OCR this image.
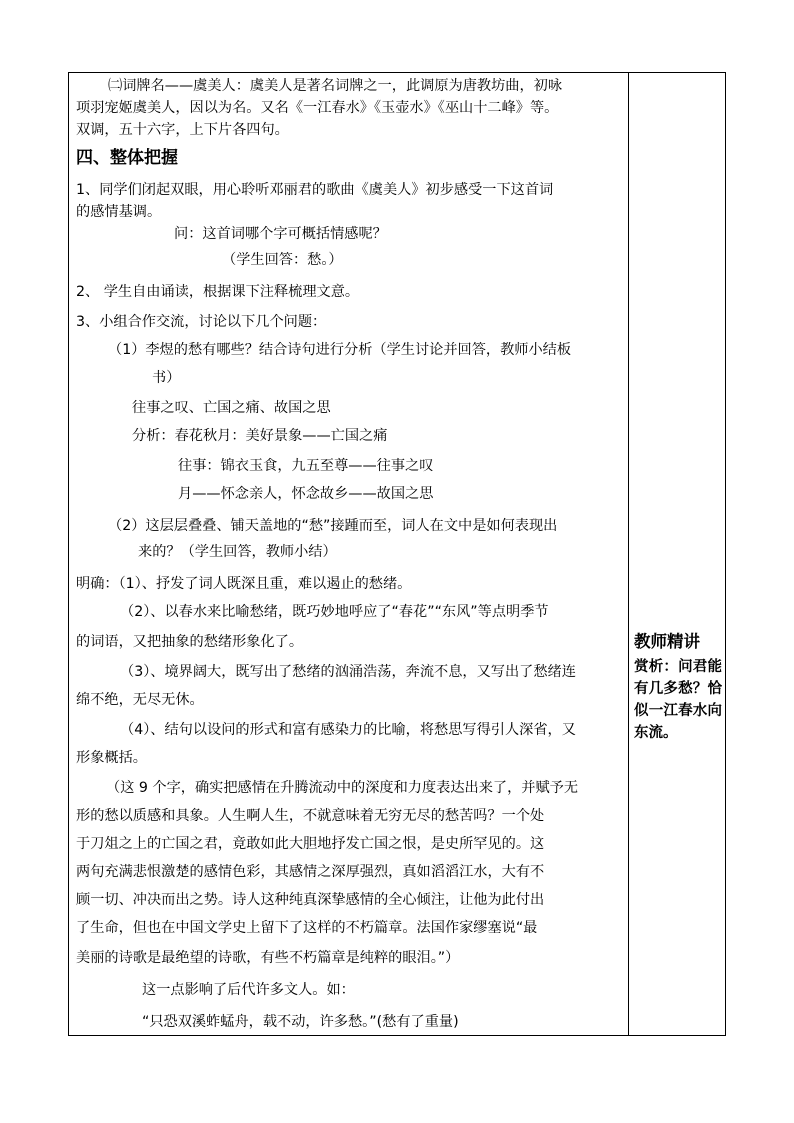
㈡词牌名——虞美人：虞美人是著名词牌之一，此调原为唐教坊曲，初咏
项羽宠姬虞美人，因以为名。又名《一江春水》《玉壶水》《巫山十二峰》等。
双调，五十六字，上下片各四句。
四、整体把握
1、同学们闭起双眼，用心聆听邓丽君的歌曲《虞美人》初步感受一下这首词
的感情基调。
问：这首词哪个字可概括情感呢？
（学生回答：愁。）
2、 学生自由诵读，根据课下注释梳理文意。
3、小组合作交流，讨论以下几个问题：
（1）李煜的愁有哪些？结合诗句进行分析（学生讨论并回答，教师小结板
书）
往事之叹、亡国之痛、故国之思
分析：春花秋月：美好景象——亡国之痛
往事：锦衣玉食，九五至尊——往事之叹
月——怀念亲人，怀念故乡——故国之思
（2）这层层叠叠、铺天盖地的“愁”接踵而至，词人在文中是如何表现出
来的？（学生回答，教师小结）
明确：（1）、抒发了词人既深且重，难以遏止的愁绪。
（2）、以春水来比喻愁绪，既巧妙地呼应了“春花”“东风”等点明季节
的词语，又把抽象的愁绪形象化了。
（3）、境界阔大，既写出了愁绪的汹涌浩荡，奔流不息，又写出了愁绪连
绵不绝，无尽无休。
（4）、结句以设问的形式和富有感染力的比喻，将愁思写得引人深省，又
形象概括。
（这 9 个字，确实把感情在升腾流动中的深度和力度表达出来了，并赋予无
形的愁以质感和具象。人生啊人生，不就意味着无穷无尽的愁苦吗？一个处
于刀俎之上的亡国之君，竟敢如此大胆地抒发亡国之恨，是史所罕见的。这
两句充满悲恨激楚的感情色彩，其感情之深厚强烈，真如滔滔江水，大有不
顾一切、冲决而出之势。诗人这种纯真深挚感情的全心倾注，让他为此付出
了生命，但也在中国文学史上留下了这样的不朽篇章。法国作家缪塞说“最
美丽的诗歌是最绝望的诗歌，有些不朽篇章是纯粹的眼泪。”）
这一点影响了后代许多文人。如：
“只恐双溪蚱蜢舟，载不动，许多愁。”(愁有了重量)
教师精讲
赏析：问君能有几多愁？恰似一江春水向东流。
